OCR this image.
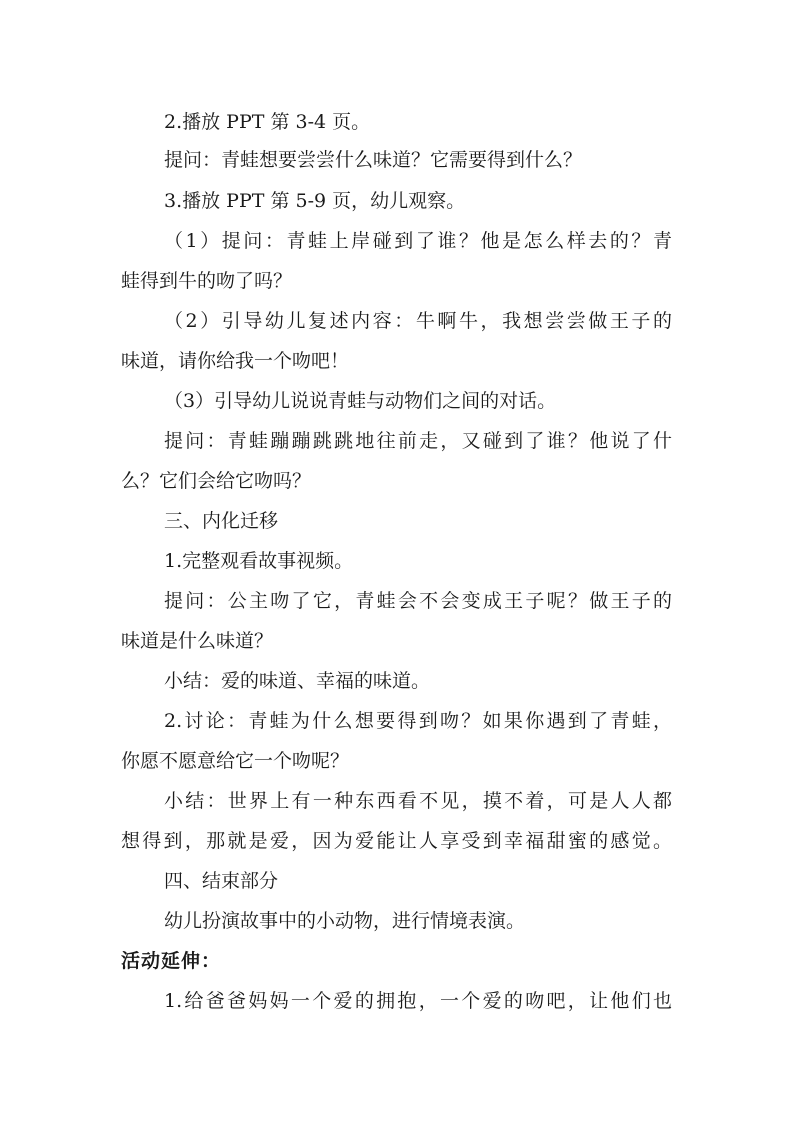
2.播放 PPT 第 3-4 页。
提问：青蛙想要尝尝什么味道？它需要得到什么？
3.播放 PPT 第 5-9 页，幼儿观察。
（1）提问：青蛙上岸碰到了谁？他是怎么样去的？青
蛙得到牛的吻了吗？
（2）引导幼儿复述内容：牛啊牛，我想尝尝做王子的
味道，请你给我一个吻吧！
（3）引导幼儿说说青蛙与动物们之间的对话。
提问：青蛙蹦蹦跳跳地往前走，又碰到了谁？他说了什
么？它们会给它吻吗？
三、内化迁移
1.完整观看故事视频。
提问：公主吻了它，青蛙会不会变成王子呢？做王子的
味道是什么味道？
小结：爱的味道、幸福的味道。
2.讨论：青蛙为什么想要得到吻？如果你遇到了青蛙，
你愿不愿意给它一个吻呢？
小结：世界上有一种东西看不见，摸不着，可是人人都
想得到，那就是爱，因为爱能让人享受到幸福甜蜜的感觉。
四、结束部分
幼儿扮演故事中的小动物，进行情境表演。
活动延伸：
1.给爸爸妈妈一个爱的拥抱，一个爱的吻吧，让他们也
